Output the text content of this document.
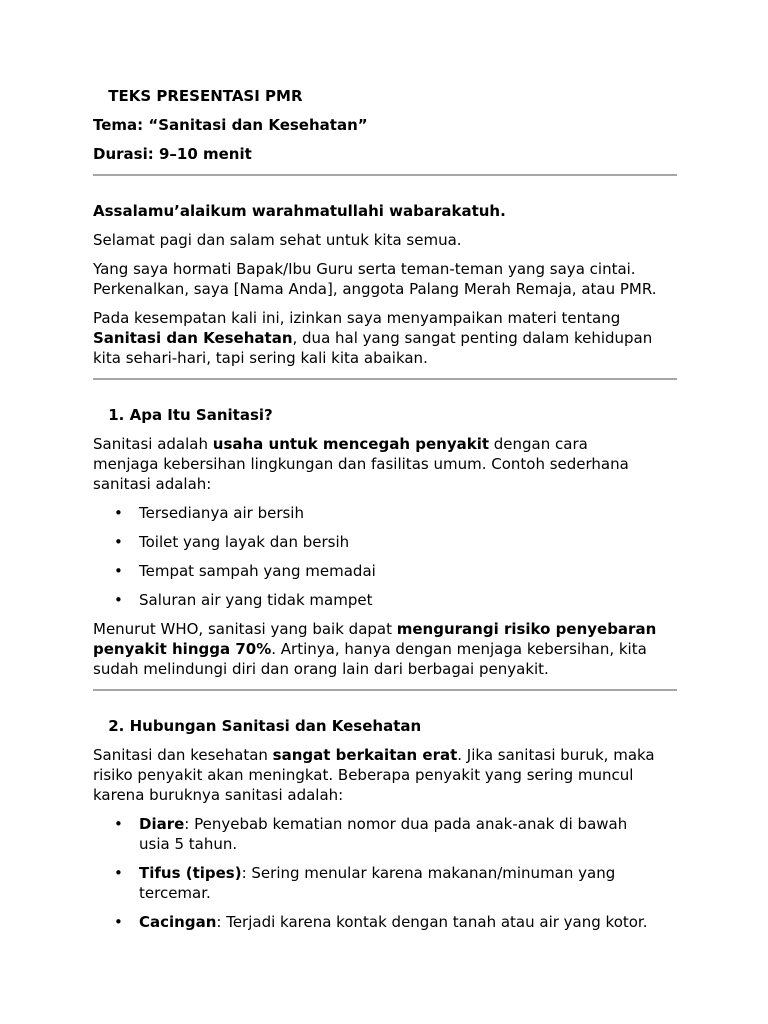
TEKS PRESENTASI PMR

Tema: “Sanitasi dan Kesehatan”

Durasi: 9–10 menit

Assalamu’alaikum warahmatullahi wabarakatuh.

Selamat pagi dan salam sehat untuk kita semua.

Yang saya hormati Bapak/Ibu Guru serta teman-teman yang saya cintai.
Perkenalkan, saya [Nama Anda], anggota Palang Merah Remaja, atau PMR.

Pada kesempatan kali ini, izinkan saya menyampaikan materi tentang
Sanitasi dan Kesehatan, dua hal yang sangat penting dalam kehidupan
kita sehari-hari, tapi sering kali kita abaikan.

1. Apa Itu Sanitasi?

Sanitasi adalah usaha untuk mencegah penyakit dengan cara
menjaga kebersihan lingkungan dan fasilitas umum. Contoh sederhana
sanitasi adalah:

• Tersedianya air bersih
• Toilet yang layak dan bersih
• Tempat sampah yang memadai
• Saluran air yang tidak mampet

Menurut WHO, sanitasi yang baik dapat mengurangi risiko penyebaran
penyakit hingga 70%. Artinya, hanya dengan menjaga kebersihan, kita
sudah melindungi diri dan orang lain dari berbagai penyakit.

2. Hubungan Sanitasi dan Kesehatan

Sanitasi dan kesehatan sangat berkaitan erat. Jika sanitasi buruk, maka
risiko penyakit akan meningkat. Beberapa penyakit yang sering muncul
karena buruknya sanitasi adalah:

• Diare: Penyebab kematian nomor dua pada anak-anak di bawah
usia 5 tahun.
• Tifus (tipes): Sering menular karena makanan/minuman yang
tercemar.
• Cacingan: Terjadi karena kontak dengan tanah atau air yang kotor.
